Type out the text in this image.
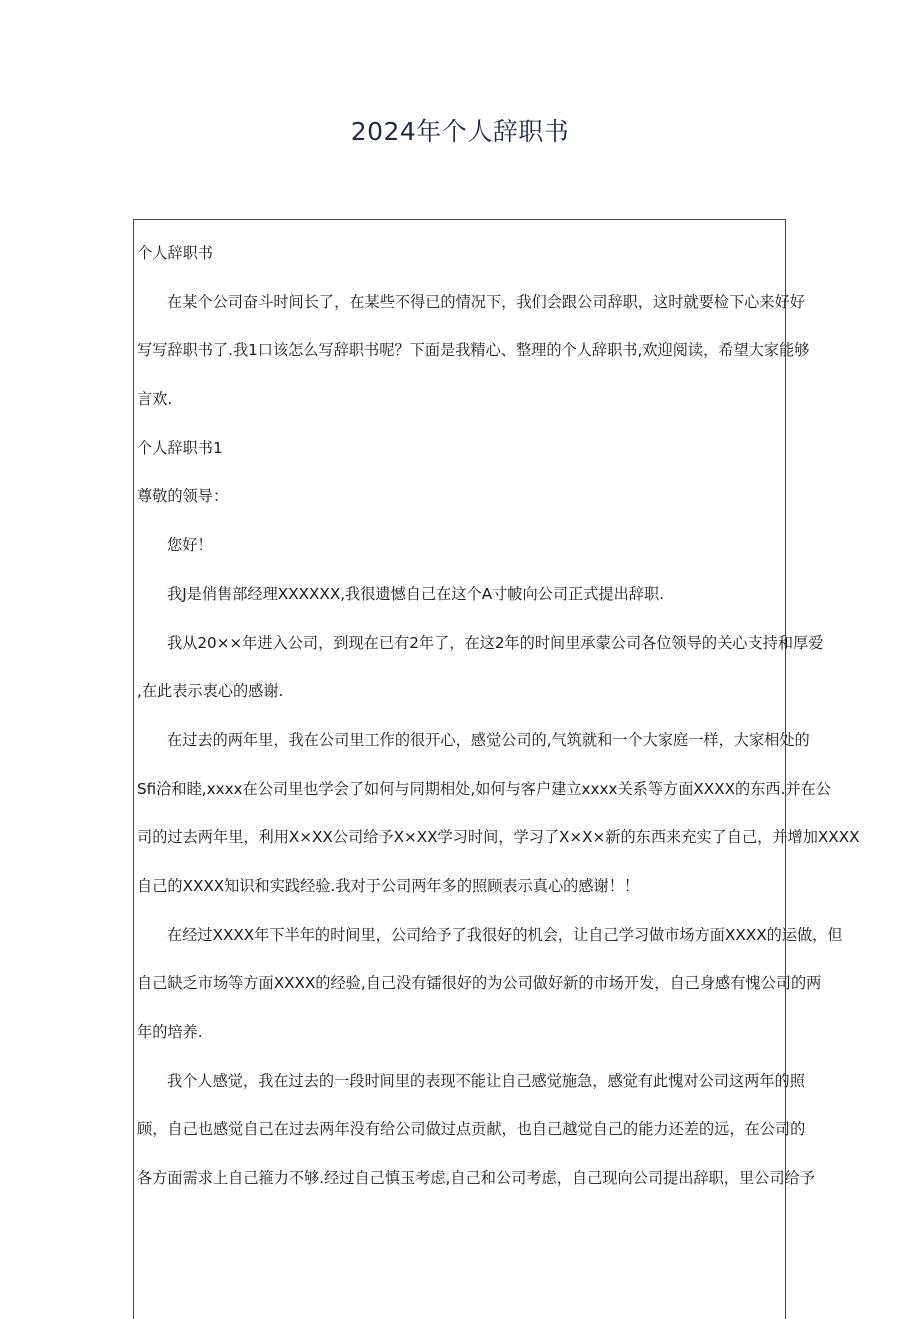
2024年个人辞职书
个人辞职书
在某个公司奋斗时间长了，在某些不得已的情况下，我们会跟公司辞职，这时就要检下心来好好
写写辞职书了.我1口该怎么写辞职书呢？下面是我精心、整理的个人辞职书,欢迎阅读，希望大家能够
言欢.
个人辞职书1
尊敬的领导：
您好！
我J是俏售部经理XXXXXX,我很遗憾自己在这个A寸帔向公司正式提出辞职.
我从20××年进入公司，到现在已有2年了，在这2年的时间里承蒙公司各位领导的关心支持和厚爱
,在此表示衷心的感谢.
在过去的两年里，我在公司里工作的很开心，感觉公司的,气筑就和一个大家庭一样，大家相处的
Sfi洽和睦,xxxx在公司里也学会了如何与同期相处,如何与客户建立xxxx关系等方面XXXX的东西.并在公
司的过去两年里，利用X×XX公司给予X×XX学习时间，学习了X×X×新的东西来充实了自己，并增加XXXX
自己的XXXX知识和实践经验.我对于公司两年多的照顾表示真心的感谢！！
在经过XXXX年下半年的时间里，公司给予了我很好的机会，让自己学习做市场方面XXXX的运做，但
自己缺乏市场等方面XXXX的经验,自己没有镭很好的为公司做好新的市场开发，自己身感有愧公司的两
年的培养.
我个人感觉，我在过去的一段时间里的表现不能让自己感觉施急，感觉有此愧对公司这两年的照
顾，自己也感觉自己在过去两年没有给公司做过点贡献，也自己越觉自己的能力还差的远，在公司的
各方面需求上自己箍力不够.经过自己慎玉考虑,自己和公司考虑，自己现向公司提出辞职，里公司给予
